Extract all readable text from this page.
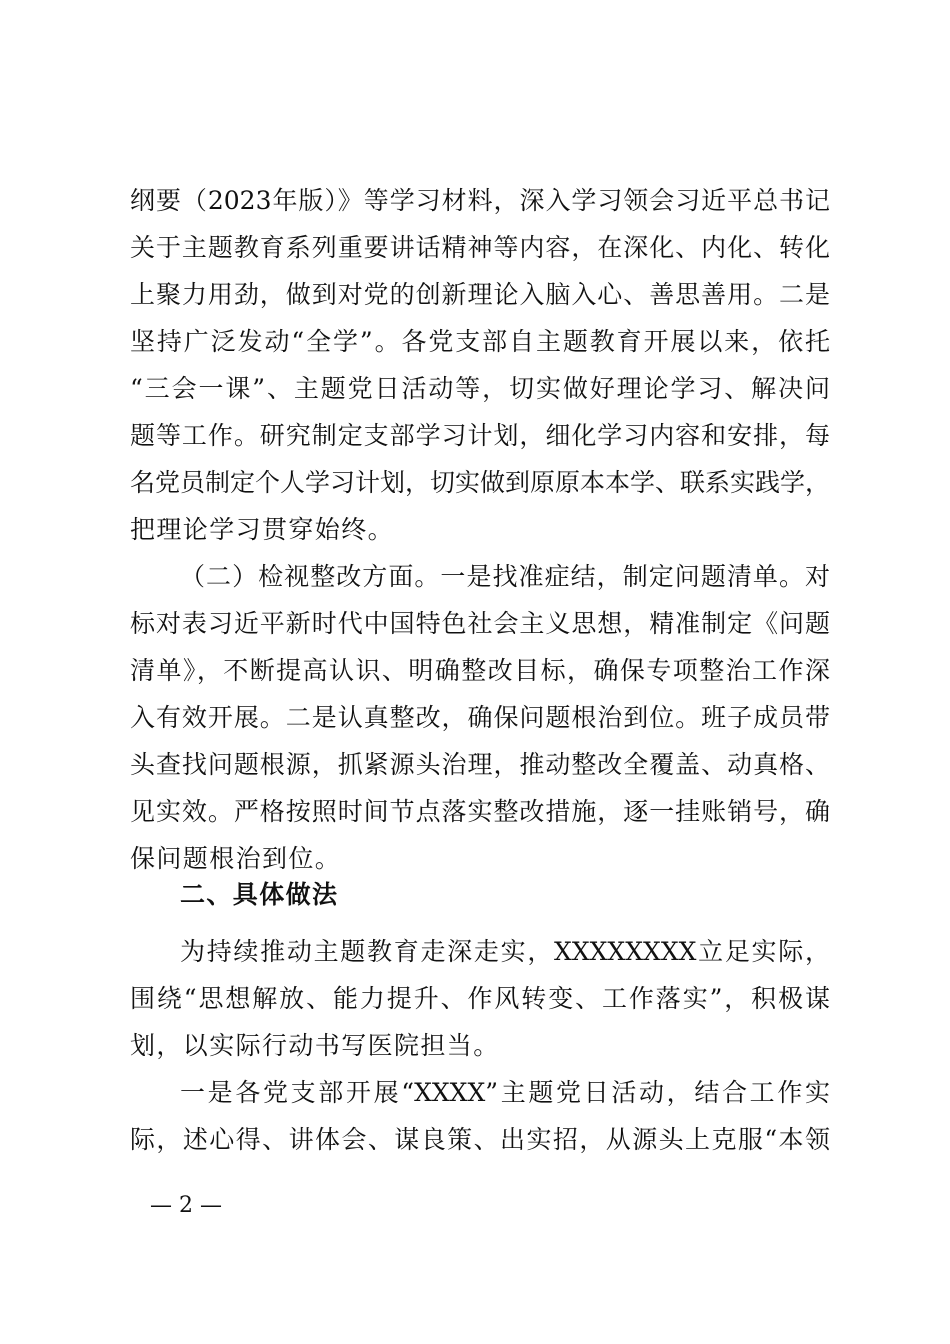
纲要（2023年版）》等学习材料，深入学习领会习近平总书记
关于主题教育系列重要讲话精神等内容，在深化、内化、转化
上聚力用劲，做到对党的创新理论入脑入心、善思善用。二是
坚持广泛发动“全学”。各党支部自主题教育开展以来，依托
“三会一课”、主题党日活动等，切实做好理论学习、解决问
题等工作。研究制定支部学习计划，细化学习内容和安排，每
名党员制定个人学习计划，切实做到原原本本学、联系实践学，
把理论学习贯穿始终。
（二）检视整改方面。一是找准症结，制定问题清单。对
标对表习近平新时代中国特色社会主义思想，精准制定《问题
清单》，不断提高认识、明确整改目标，确保专项整治工作深
入有效开展。二是认真整改，确保问题根治到位。班子成员带
头查找问题根源，抓紧源头治理，推动整改全覆盖、动真格、
见实效。严格按照时间节点落实整改措施，逐一挂账销号，确
保问题根治到位。
二、具体做法
为持续推动主题教育走深走实，XXXXXXXX立足实际，
围绕“思想解放、能力提升、作风转变、工作落实”，积极谋
划，以实际行动书写医院担当。
一是各党支部开展“XXXX”主题党日活动，结合工作实
际，述心得、讲体会、谋良策、出实招，从源头上克服“本领
— 2 —
